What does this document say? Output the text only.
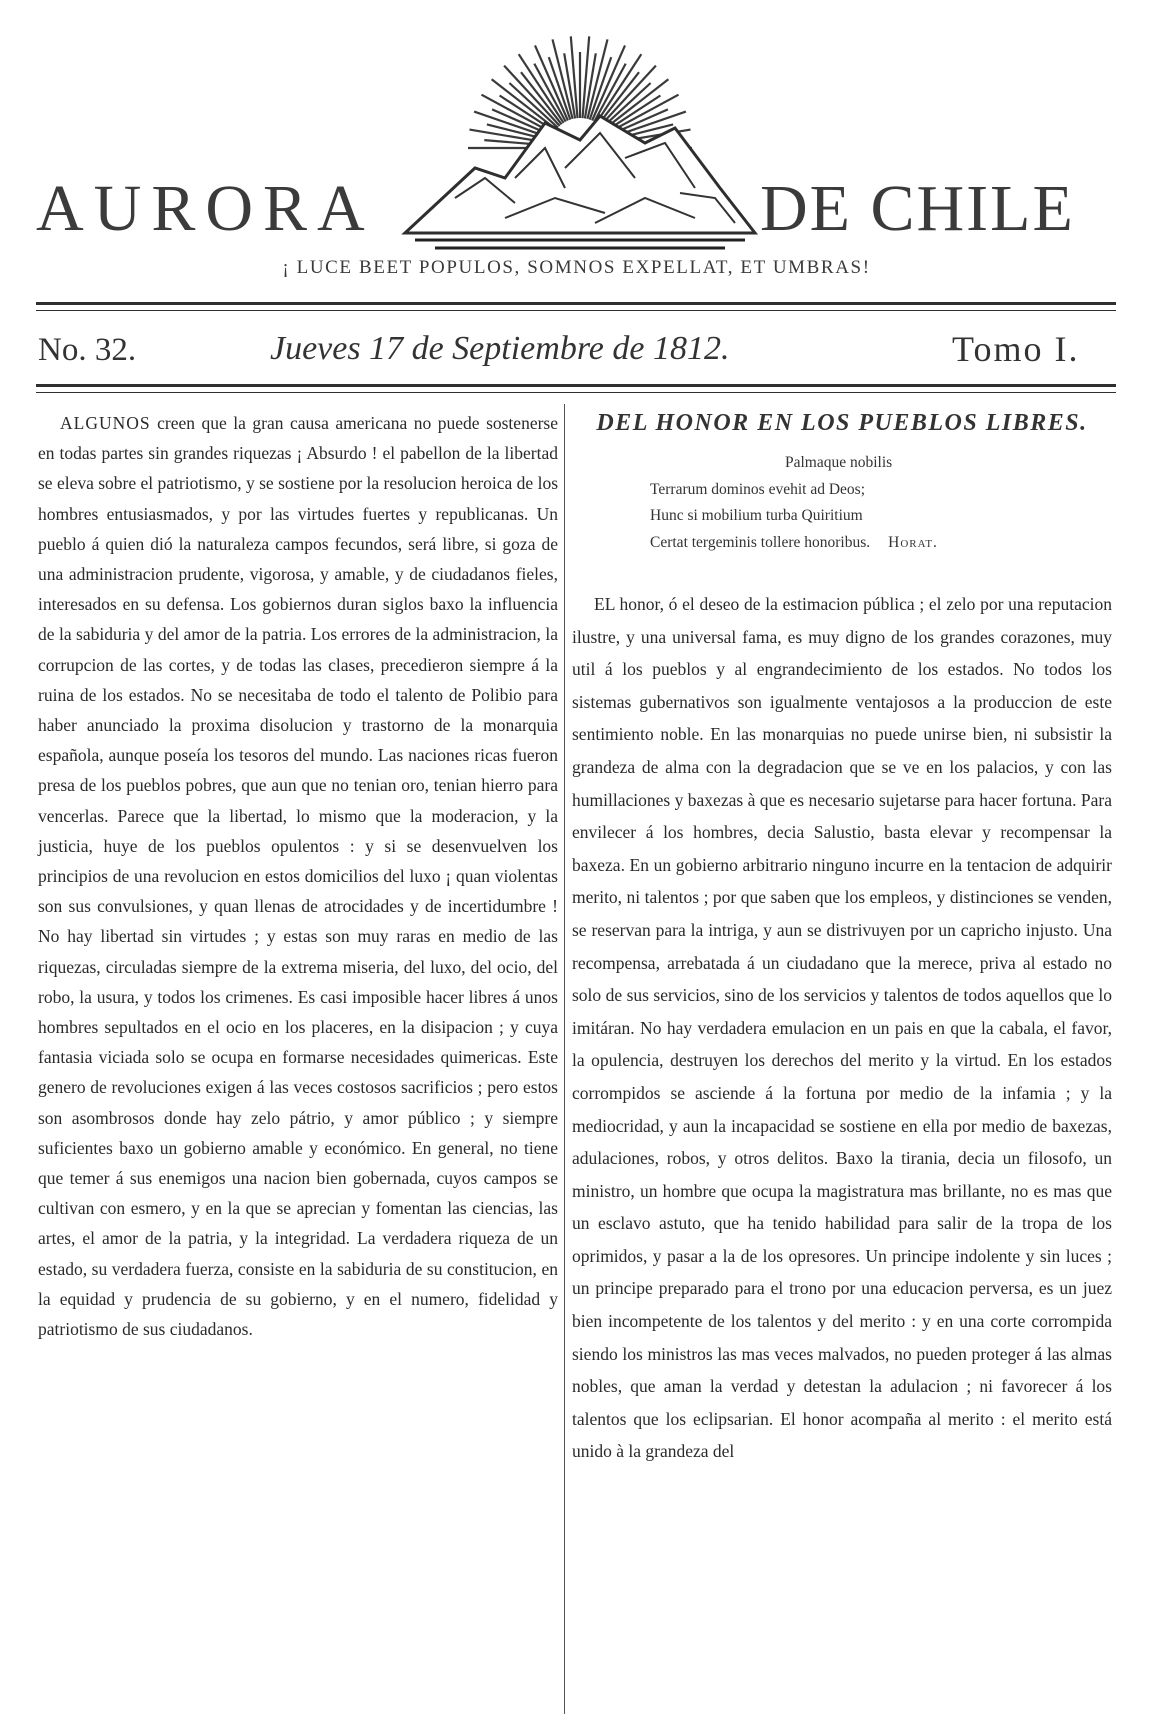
AURORA	DE CHILE
¡ LUCE BEET POPULOS, SOMNOS EXPELLAT, ET UMBRAS!
No. 32.	Jueves 17 de Septiembre de 1812.	Tomo I.

ALGUNOS creen que la gran causa americana no puede sostenerse en todas partes sin grandes riquezas ¡ Absurdo ! el pabellon de la libertad se eleva sobre el patriotismo, y se sostiene por la resolucion heroica de los hombres entusiasmados, y por las virtudes fuertes y republicanas. Un pueblo á quien dió la naturaleza campos fecundos, será libre, si goza de una administracion prudente, vigorosa, y amable, y de ciudadanos fieles, interesados en su defensa. Los gobiernos duran siglos baxo la influencia de la sabiduria y del amor de la patria. Los errores de la administracion, la corrupcion de las cortes, y de todas las clases, precedieron siempre á la ruina de los estados. No se necesitaba de todo el talento de Polibio para haber anunciado la proxima disolucion y trastorno de la monarquia española, aunque poseía los tesoros del mundo. Las naciones ricas fueron presa de los pueblos pobres, que aun que no tenian oro, tenian hierro para vencerlas. Parece que la libertad, lo mismo que la moderacion, y la justicia, huye de los pueblos opulentos : y si se desenvuelven los principios de una revolucion en estos domicilios del luxo ¡ quan violentas son sus convulsiones, y quan llenas de atrocidades y de incertidumbre ! No hay libertad sin virtudes ; y estas son muy raras en medio de las riquezas, circuladas siempre de la extrema miseria, del luxo, del ocio, del robo, la usura, y todos los crimenes. Es casi imposible hacer libres á unos hombres sepultados en el ocio en los placeres, en la disipacion ; y cuya fantasia viciada solo se ocupa en formarse necesidades quimericas. Este genero de revoluciones exigen á las veces costosos sacrificios ; pero estos son asombrosos donde hay zelo pátrio, y amor público ; y siempre suficientes baxo un gobierno amable y económico. En general, no tiene que temer á sus enemigos una nacion bien gobernada, cuyos campos se cultivan con esmero, y en la que se aprecian y fomentan las ciencias, las artes, el amor de la patria, y la integridad. La verdadera riqueza de un estado, su verdadera fuerza, consiste en la sabiduria de su constitucion, en la equidad y prudencia de su gobierno, y en el numero, fidelidad y patriotismo de sus ciudadanos.

DEL HONOR EN LOS PUEBLOS LIBRES.
Palmaque nobilis
Terrarum dominos evehit ad Deos;
Hunc si mobilium turba Quiritium
Certat tergeminis tollere honoribus. Horat.

EL honor, ó el deseo de la estimacion pública ; el zelo por una reputacion ilustre, y una universal fama, es muy digno de los grandes corazones, muy util á los pueblos y al engrandecimiento de los estados. No todos los sistemas gubernativos son igualmente ventajosos a la produccion de este sentimiento noble. En las monarquias no puede unirse bien, ni subsistir la grandeza de alma con la degradacion que se ve en los palacios, y con las humillaciones y baxezas à que es necesario sujetarse para hacer fortuna. Para envilecer á los hombres, decia Salustio, basta elevar y recompensar la baxeza. En un gobierno arbitrario ninguno incurre en la tentacion de adquirir merito, ni talentos ; por que saben que los empleos, y distinciones se venden, se reservan para la intriga, y aun se distrivuyen por un capricho injusto. Una recompensa, arrebatada á un ciudadano que la merece, priva al estado no solo de sus servicios, sino de los servicios y talentos de todos aquellos que lo imitáran. No hay verdadera emulacion en un pais en que la cabala, el favor, la opulencia, destruyen los derechos del merito y la virtud. En los estados corrompidos se asciende á la fortuna por medio de la infamia ; y la mediocridad, y aun la incapacidad se sostiene en ella por medio de baxezas, adulaciones, robos, y otros delitos. Baxo la tirania, decia un filosofo, un ministro, un hombre que ocupa la magistratura mas brillante, no es mas que un esclavo astuto, que ha tenido habilidad para salir de la tropa de los oprimidos, y pasar a la de los opresores. Un principe indolente y sin luces ; un principe preparado para el trono por una educacion perversa, es un juez bien incompetente de los talentos y del merito : y en una corte corrompida siendo los ministros las mas veces malvados, no pueden proteger á las almas nobles, que aman la verdad y detestan la adulacion ; ni favorecer á los talentos que los eclipsarian. El honor acompaña al merito : el merito está unido à la grandeza del
